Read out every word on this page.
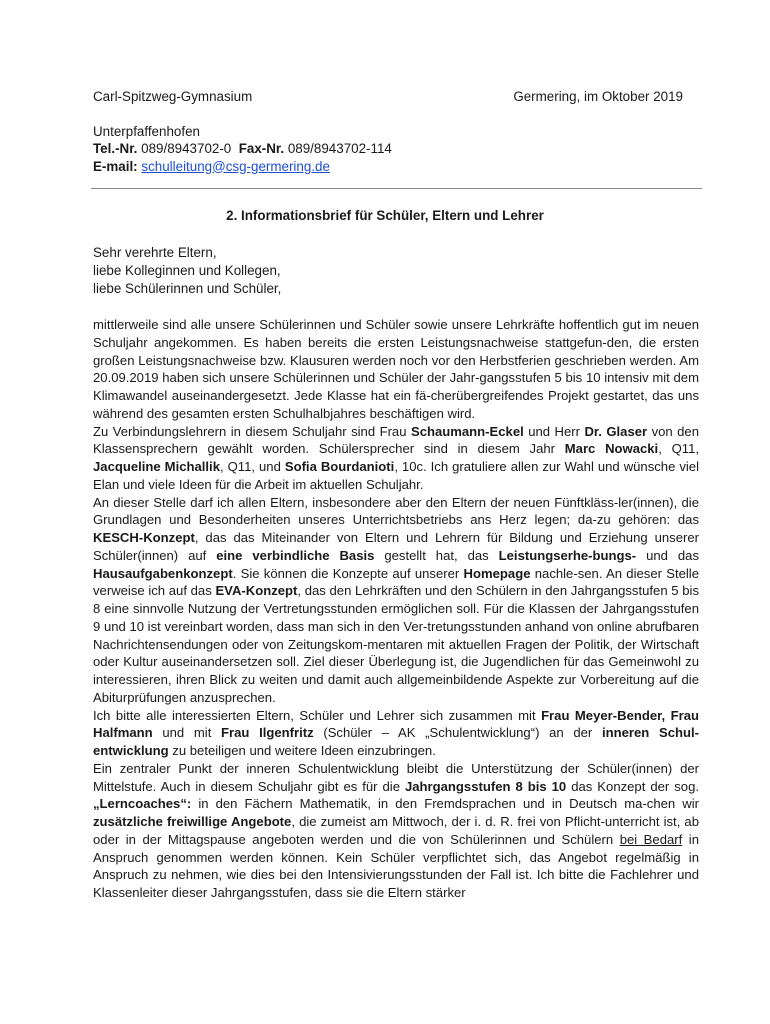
Carl-Spitzweg-Gymnasium	Germering, im Oktober 2019
Unterpfaffenhofen
Tel.-Nr. 089/8943702-0 Fax-Nr. 089/8943702-114
E-mail: schulleitung@csg-germering.de
2. Informationsbrief für Schüler, Eltern und Lehrer
Sehr verehrte Eltern,
liebe Kolleginnen und Kollegen,
liebe Schülerinnen und Schüler,

mittlerweile sind alle unsere Schülerinnen und Schüler sowie unsere Lehrkräfte hoffentlich gut im neuen Schuljahr angekommen. Es haben bereits die ersten Leistungsnachweise stattgefun-den, die ersten großen Leistungsnachweise bzw. Klausuren werden noch vor den Herbstferien geschrieben werden. Am 20.09.2019 haben sich unsere Schülerinnen und Schüler der Jahr-gangsstufen 5 bis 10 intensiv mit dem Klimawandel auseinandergesetzt. Jede Klasse hat ein fä-cherübergreifendes Projekt gestartet, das uns während des gesamten ersten Schulhalbjahres beschäftigen wird.

Zu Verbindungslehrern in diesem Schuljahr sind Frau Schaumann-Eckel und Herr Dr. Glaser von den Klassensprechern gewählt worden. Schülersprecher sind in diesem Jahr Marc Nowacki, Q11, Jacqueline Michallik, Q11, und Sofia Bourdanioti, 10c. Ich gratuliere allen zur Wahl und wünsche viel Elan und viele Ideen für die Arbeit im aktuellen Schuljahr.

An dieser Stelle darf ich allen Eltern, insbesondere aber den Eltern der neuen Fünftkläss-ler(innen), die Grundlagen und Besonderheiten unseres Unterrichtsbetriebs ans Herz legen; da-zu gehören: das KESCH-Konzept, das das Miteinander von Eltern und Lehrern für Bildung und Erziehung unserer Schüler(innen) auf eine verbindliche Basis gestellt hat, das Leistungserhe-bungs- und das Hausaufgabenkonzept. Sie können die Konzepte auf unserer Homepage nachle-sen. An dieser Stelle verweise ich auf das EVA-Konzept, das den Lehrkräften und den Schülern in den Jahrgangsstufen 5 bis 8 eine sinnvolle Nutzung der Vertretungsstunden ermöglichen soll. Für die Klassen der Jahrgangsstufen 9 und 10 ist vereinbart worden, dass man sich in den Ver-tretungsstunden anhand von online abrufbaren Nachrichtensendungen oder von Zeitungskom-mentaren mit aktuellen Fragen der Politik, der Wirtschaft oder Kultur auseinandersetzen soll. Ziel dieser Überlegung ist, die Jugendlichen für das Gemeinwohl zu interessieren, ihren Blick zu weiten und damit auch allgemeinbildende Aspekte zur Vorbereitung auf die Abiturprüfungen anzusprechen.

Ich bitte alle interessierten Eltern, Schüler und Lehrer sich zusammen mit Frau Meyer-Bender, Frau Halfmann und mit Frau Ilgenfritz (Schüler – AK „Schulentwicklung“) an der inneren Schul-entwicklung zu beteiligen und weitere Ideen einzubringen.

Ein zentraler Punkt der inneren Schulentwicklung bleibt die Unterstützung der Schüler(innen) der Mittelstufe. Auch in diesem Schuljahr gibt es für die Jahrgangsstufen 8 bis 10 das Konzept der sog. „Lerncoaches“: in den Fächern Mathematik, in den Fremdsprachen und in Deutsch ma-chen wir zusätzliche freiwillige Angebote, die zumeist am Mittwoch, der i. d. R. frei von Pflicht-unterricht ist, ab oder in der Mittagspause angeboten werden und die von Schülerinnen und Schülern bei Bedarf in Anspruch genommen werden können. Kein Schüler verpflichtet sich, das Angebot regelmäßig in Anspruch zu nehmen, wie dies bei den Intensivierungsstunden der Fall ist. Ich bitte die Fachlehrer und Klassenleiter dieser Jahrgangsstufen, dass sie die Eltern stärker
